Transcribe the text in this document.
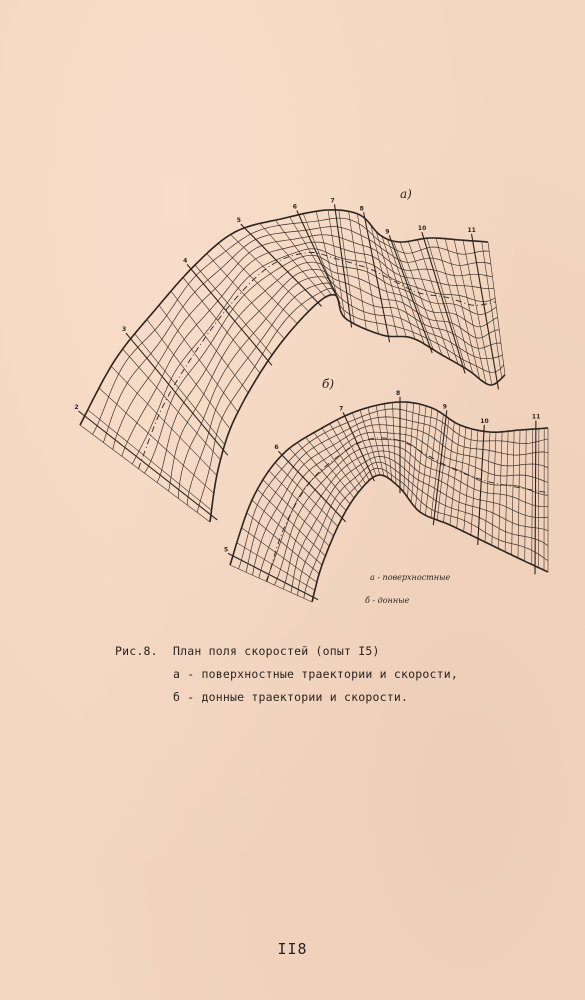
а)
б)
2
3
4
5
6
7
8
9	10	11
5
6
7
8
9
10
11
а - поверхностные
б - донные
Рис.8.	План поля скоростей (опыт I5)
а - поверхностные траектории и скорости,
б - донные траектории и скорости.
II8
